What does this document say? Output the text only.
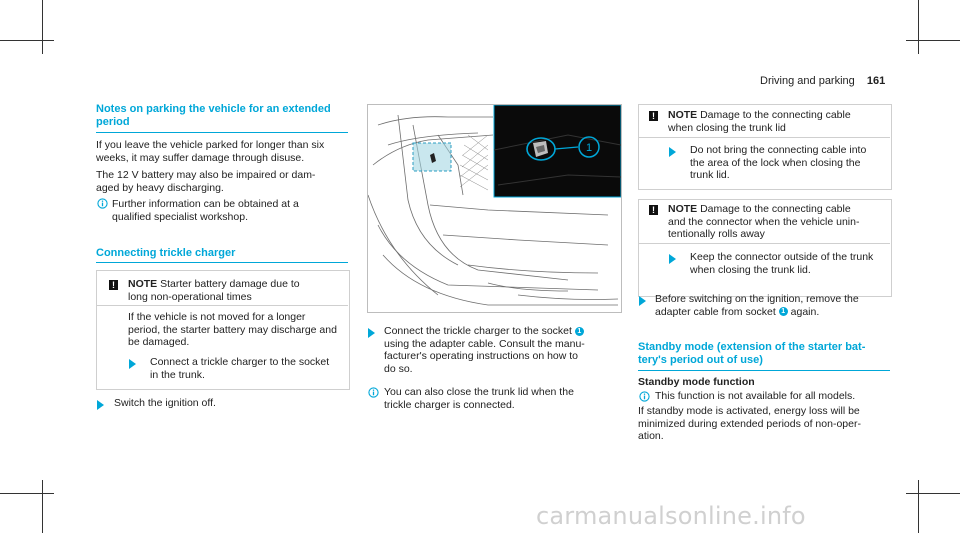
Driving and parking 161
Notes on parking the vehicle for an extended
period
If you leave the vehicle parked for longer than six
weeks, it may suffer damage through disuse.
The 12 V battery may also be impaired or dam-
aged by heavy discharging.
Further information can be obtained at a
qualified specialist workshop.
Connecting trickle charger
! NOTE Starter battery damage due to
long non-operational times
If the vehicle is not moved for a longer
period, the starter battery may discharge and
be damaged.
Connect a trickle charger to the socket
in the trunk.
Switch the ignition off.
1
Connect the trickle charger to the socket 1
using the adapter cable. Consult the manu-
facturer's operating instructions on how to
do so.
You can also close the trunk lid when the
trickle charger is connected.
! NOTE Damage to the connecting cable
when closing the trunk lid
Do not bring the connecting cable into
the area of the lock when closing the
trunk lid.
! NOTE Damage to the connecting cable
and the connector when the vehicle unin-
tentionally rolls away
Keep the connector outside of the trunk
when closing the trunk lid.
Before switching on the ignition, remove the
adapter cable from socket 1 again.
Standby mode (extension of the starter bat-
tery's period out of use)
Standby mode function
This function is not available for all models.
If standby mode is activated, energy loss will be
minimized during extended periods of non-oper-
ation.
carmanualsonline.info
